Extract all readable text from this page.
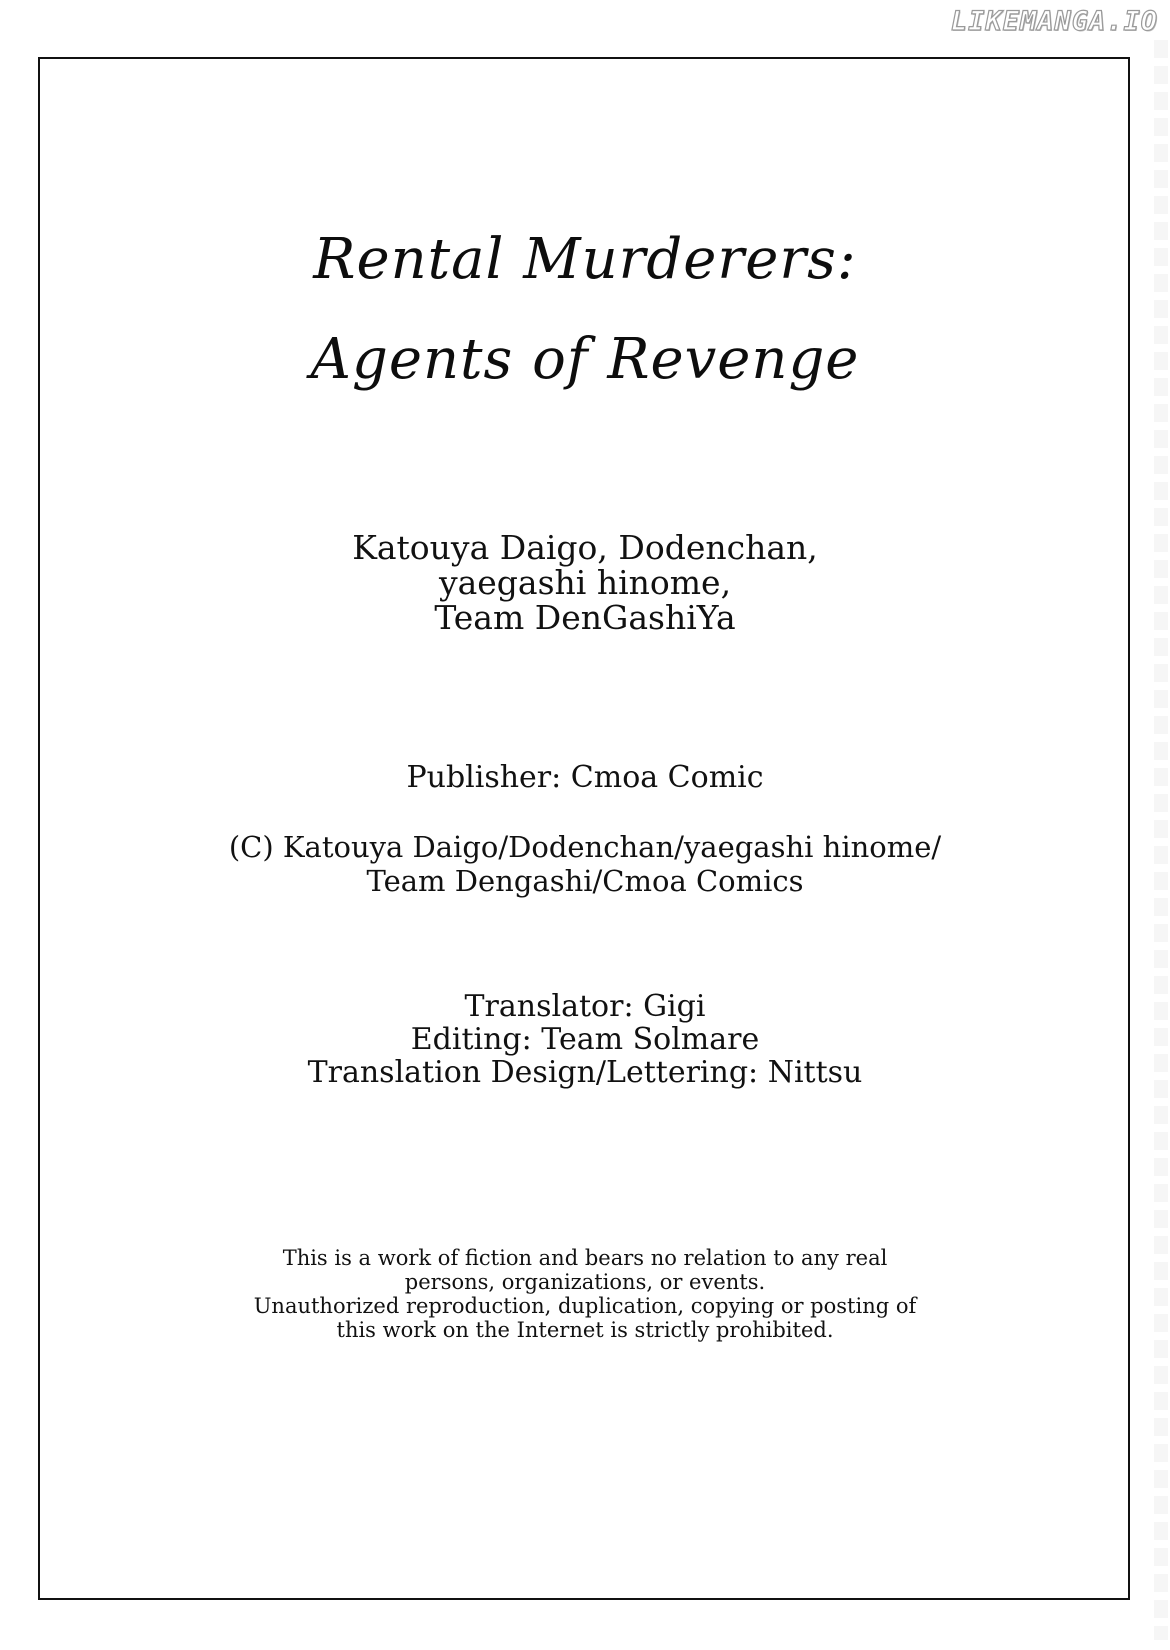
LIKEMANGA.IO
Rental Murderers:
Agents of Revenge
Katouya Daigo, Dodenchan,
yaegashi hinome,
Team DenGashiYa
Publisher: Cmoa Comic
(C) Katouya Daigo/Dodenchan/yaegashi hinome/
Team Dengashi/Cmoa Comics
Translator: Gigi
Editing: Team Solmare
Translation Design/Lettering: Nittsu
This is a work of fiction and bears no relation to any real
persons, organizations, or events.
Unauthorized reproduction, duplication, copying or posting of
this work on the Internet is strictly prohibited.
